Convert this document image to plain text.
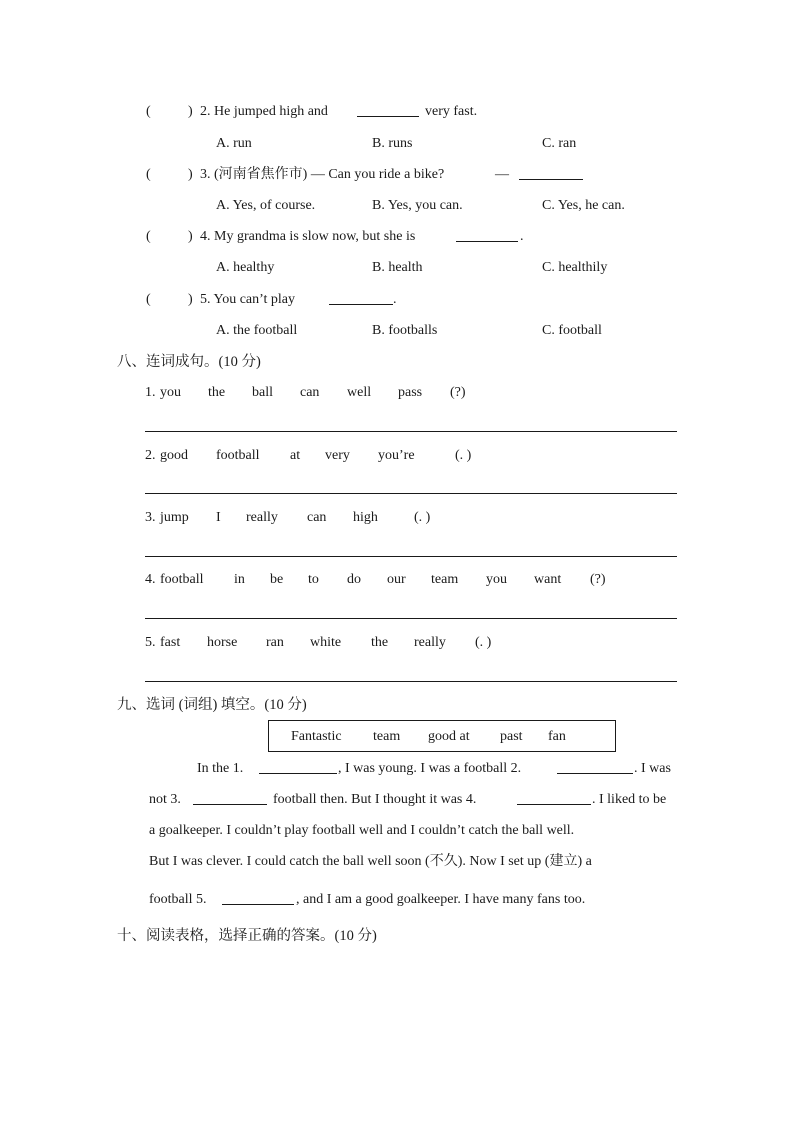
(	) 2. He jumped high and	very fast.
A. run	B. runs	C. ran
(	) 3. (河南省焦作市) — Can you ride a bike?	—
A. Yes, of course.	B. Yes, you can.	C. Yes, he can.
(	) 4. My grandma is slow now, but she is	.
A. healthy	B. health	C. healthily
(	) 5. You can’t play	.
A. the football	B. footballs	C. football
八、连词成句。(10 分)
1. you the ball can well pass (?)
2. good football at very you’re	(. )
3. jump I really can high	(. )
4. football in be to do our team you want (?)
5. fast horse ran white the really (. )
九、选词 (词组) 填空。(10 分)
Fantastic team good at past fan
In the 1.	, I was young. I was a football 2.	. I was
not 3.	football then. But I thought it was 4.	. I liked to be
a goalkeeper. I couldn’t play football well and I couldn’t catch the ball well.
But I was clever. I could catch the ball well soon (不久). Now I set up (建立) a
football 5.	, and I am a good goalkeeper. I have many fans too.
十、阅读表格，选择正确的答案。(10 分)
